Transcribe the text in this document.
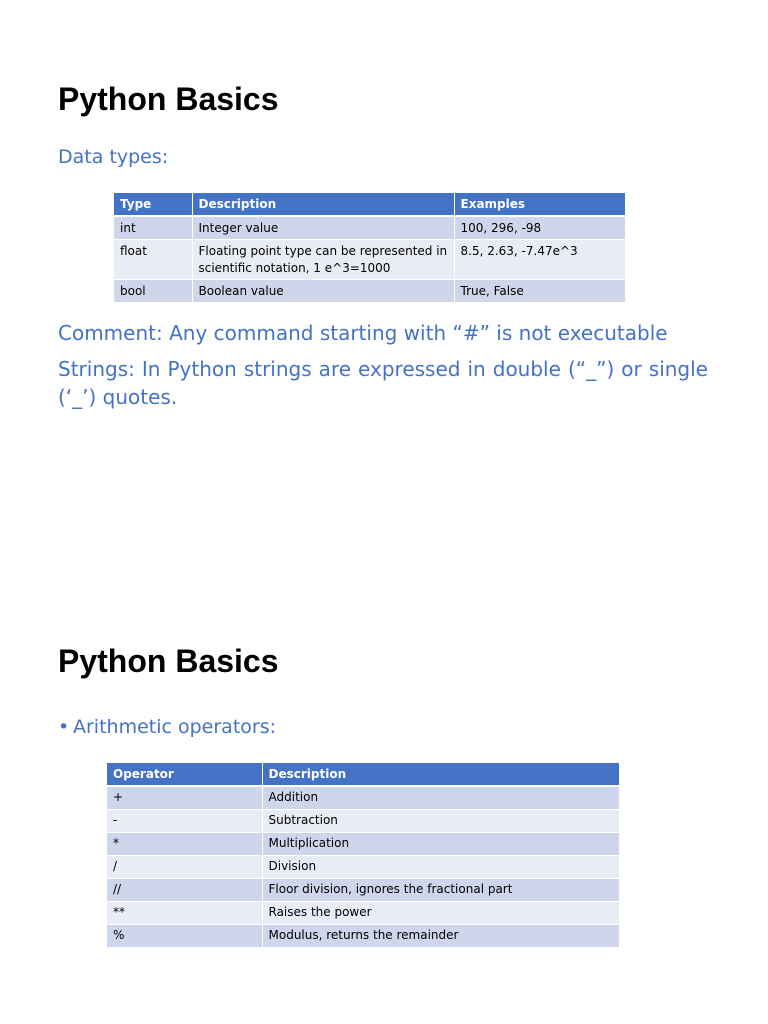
Python Basics

Data types:

Type	Description	Examples
int	Integer value	100, 296, -98
float	Floating point type can be represented in scientific notation, 1 e^3=1000	8.5, 2.63, -7.47e^3
bool	Boolean value	True, False

Comment: Any command starting with “#” is not executable

Strings: In Python strings are expressed in double (“_”) or single (‘_’) quotes.

Python Basics

• Arithmetic operators:

Operator	Description
+	Addition
-	Subtraction
*	Multiplication
/	Division
//	Floor division, ignores the fractional part
**	Raises the power
%	Modulus, returns the remainder
